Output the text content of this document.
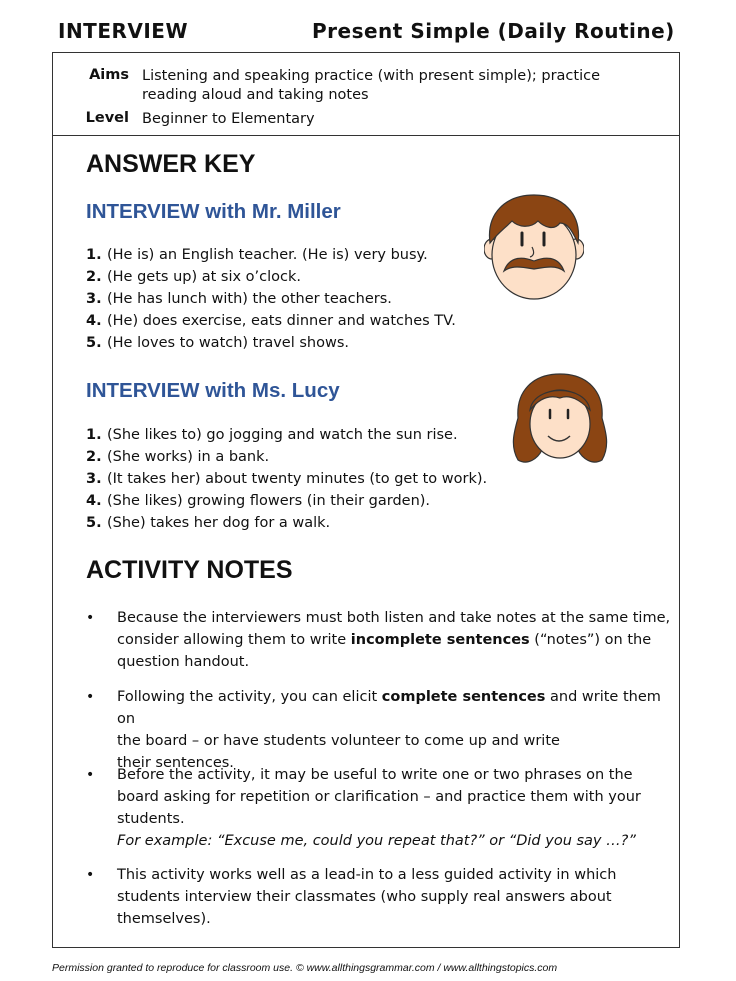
INTERVIEW	Present Simple (Daily Routine)
Aims Listening and speaking practice (with present simple); practice
reading aloud and taking notes
Level Beginner to Elementary
ANSWER KEY
INTERVIEW with Mr. Miller
1. (He is) an English teacher. (He is) very busy.
2. (He gets up) at six o’clock.
3. (He has lunch with) the other teachers.
4. (He) does exercise, eats dinner and watches TV.
5. (He loves to watch) travel shows.
INTERVIEW with Ms. Lucy
1. (She likes to) go jogging and watch the sun rise.
2. (She works) in a bank.
3. (It takes her) about twenty minutes (to get to work).
4. (She likes) growing flowers (in their garden).
5. (She) takes her dog for a walk.
ACTIVITY NOTES
• Because the interviewers must both listen and take notes at the same time,
consider allowing them to write incomplete sentences (“notes”) on the
question handout.
• Following the activity, you can elicit complete sentences and write them on
the board – or have students volunteer to come up and write
their sentences.
• Before the activity, it may be useful to write one or two phrases on the
board asking for repetition or clarification – and practice them with your
students.
For example: “Excuse me, could you repeat that?” or “Did you say …?”
• This activity works well as a lead-in to a less guided activity in which
students interview their classmates (who supply real answers about
themselves).
Permission granted to reproduce for classroom use. © www.allthingsgrammar.com / www.allthingstopics.com
